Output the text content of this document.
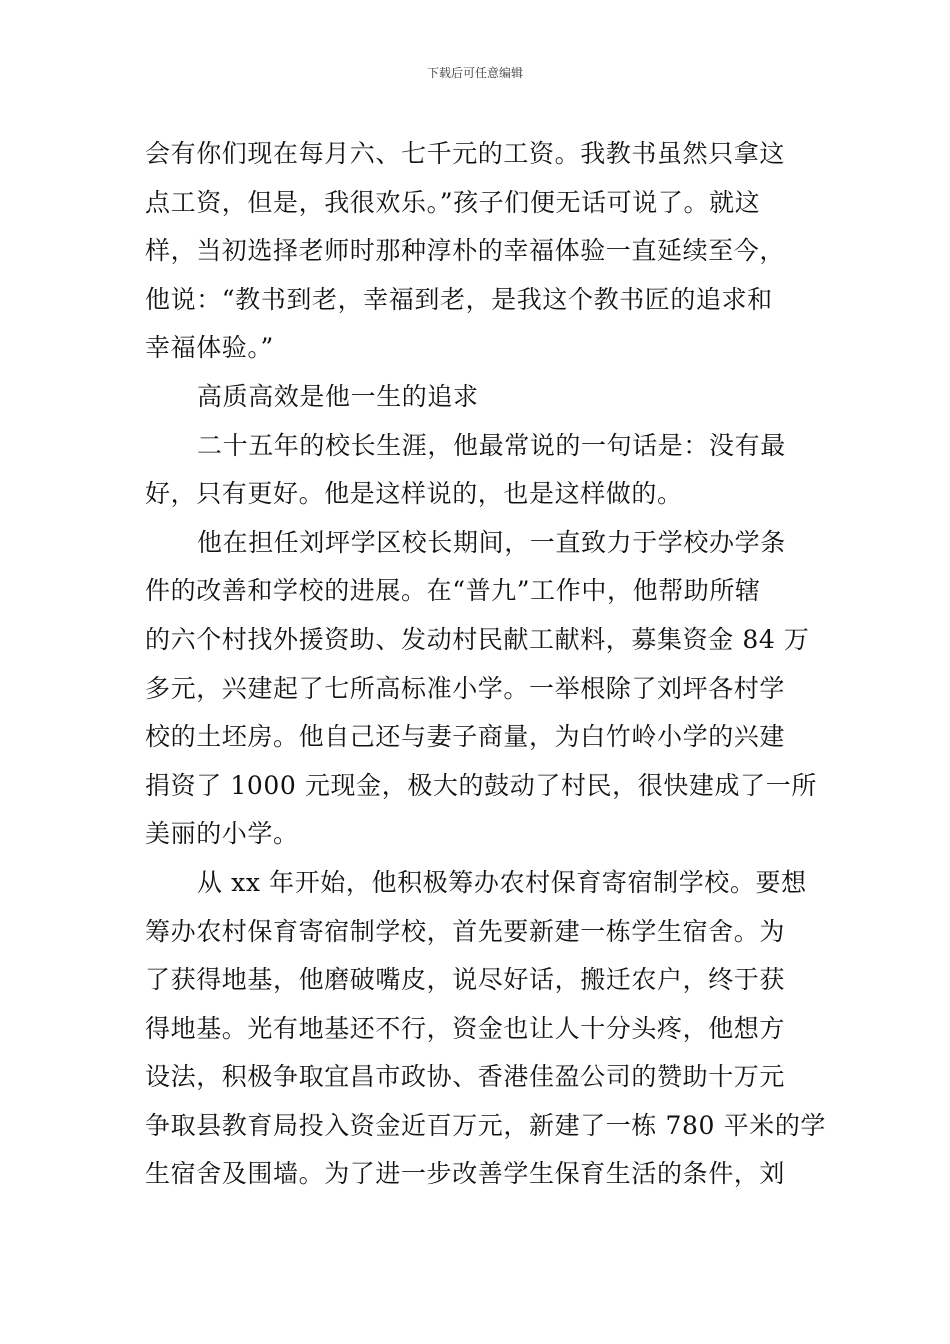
下载后可任意编辑

会有你们现在每月六、七千元的工资。我教书虽然只拿这
点工资，但是，我很欢乐。”孩子们便无话可说了。就这
样，当初选择老师时那种淳朴的幸福体验一直延续至今，
他说：“教书到老，幸福到老，是我这个教书匠的追求和
幸福体验。”

高质高效是他一生的追求

二十五年的校长生涯，他最常说的一句话是：没有最
好，只有更好。他是这样说的，也是这样做的。

他在担任刘坪学区校长期间，一直致力于学校办学条
件的改善和学校的进展。在“普九”工作中，他帮助所辖
的六个村找外援资助、发动村民献工献料，募集资金 84 万
多元，兴建起了七所高标准小学。一举根除了刘坪各村学
校的土坯房。他自己还与妻子商量，为白竹岭小学的兴建
捐资了 1000 元现金，极大的鼓动了村民，很快建成了一所
美丽的小学。

从 xx 年开始，他积极筹办农村保育寄宿制学校。要想
筹办农村保育寄宿制学校，首先要新建一栋学生宿舍。为
了获得地基，他磨破嘴皮，说尽好话，搬迁农户，终于获
得地基。光有地基还不行，资金也让人十分头疼，他想方
设法，积极争取宜昌市政协、香港佳盈公司的赞助十万元
争取县教育局投入资金近百万元，新建了一栋 780 平米的学
生宿舍及围墙。为了进一步改善学生保育生活的条件，刘
